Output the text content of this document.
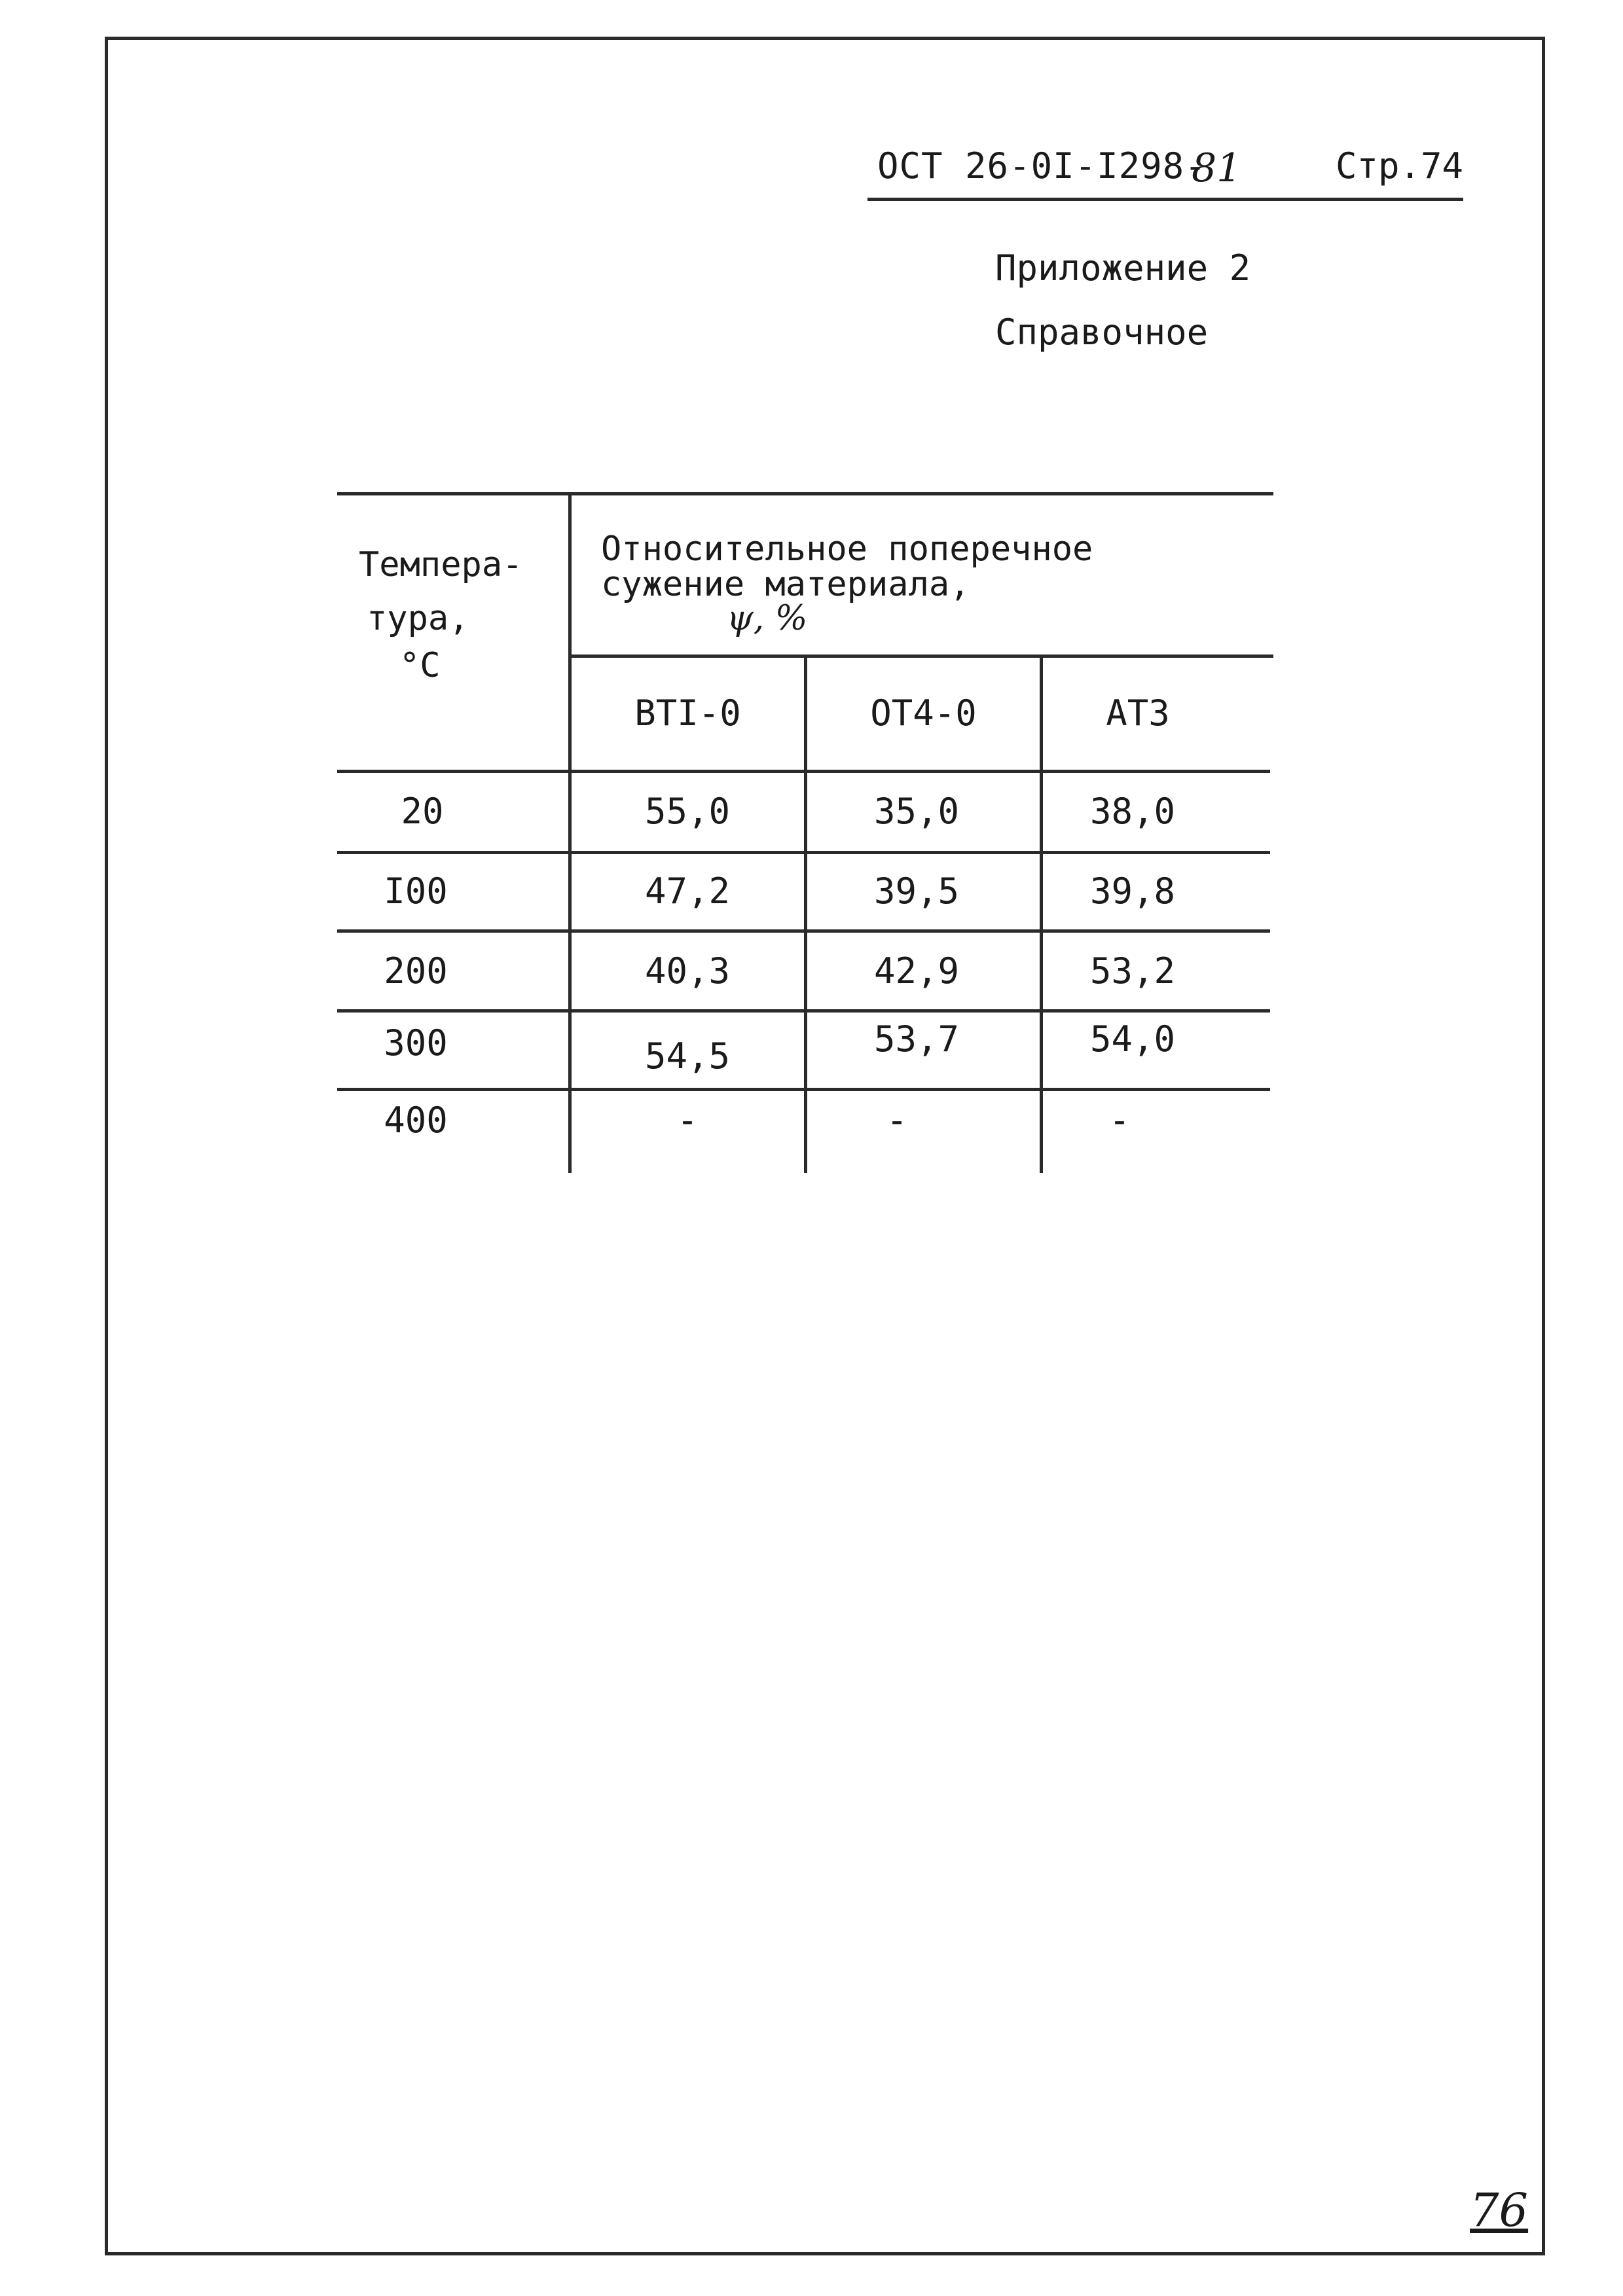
ОСТ 26-0I-I298-
81	Стр.74
Приложение 2
Справочное
Темпера-
тура,
°C
Относительное поперечное
сужение материала,
ψ, %
ВТI-0	ОТ4-0	АТ3
20	55,0	35,0	38,0
I00	47,2	39,5	39,8
200	40,3	42,9	53,2
300	54,5	53,7	54,0
400	-	-	-
76
